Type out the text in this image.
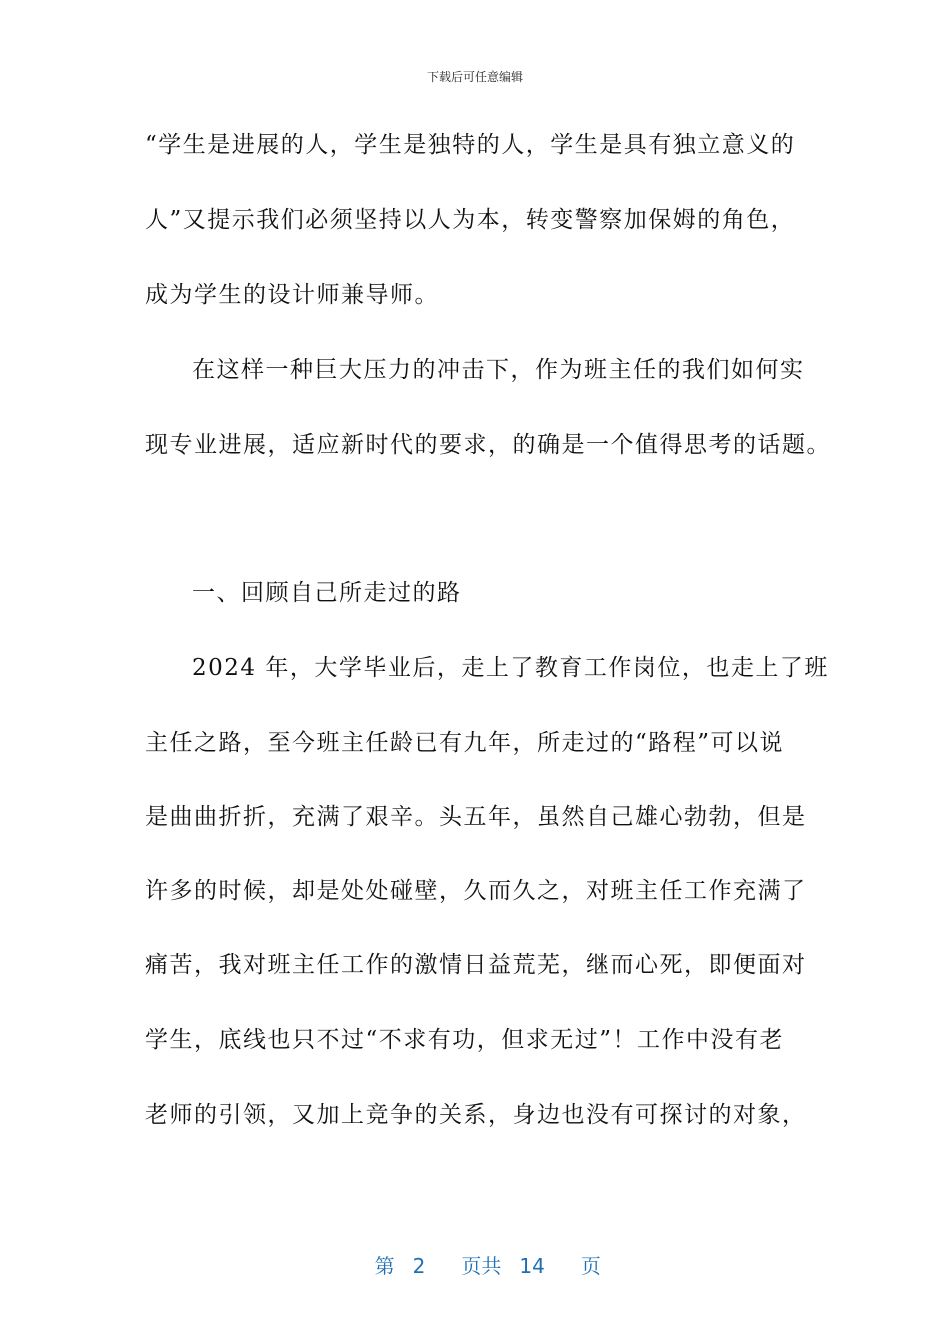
下载后可任意编辑
“学生是进展的人，学生是独特的人，学生是具有独立意义的
人”又提示我们必须坚持以人为本，转变警察加保姆的角色，
成为学生的设计师兼导师。
在这样一种巨大压力的冲击下，作为班主任的我们如何实
现专业进展，适应新时代的要求，的确是一个值得思考的话题。
一、回顾自己所走过的路
2024 年，大学毕业后，走上了教育工作岗位，也走上了班
主任之路，至今班主任龄已有九年，所走过的“路程”可以说
是曲曲折折，充满了艰辛。头五年，虽然自己雄心勃勃，但是
许多的时候，却是处处碰壁，久而久之，对班主任工作充满了
痛苦，我对班主任工作的激情日益荒芜，继而心死，即便面对
学生，底线也只不过“不求有功，但求无过”！工作中没有老
老师的引领，又加上竞争的关系，身边也没有可探讨的对象，

第 2 页共 14 页
